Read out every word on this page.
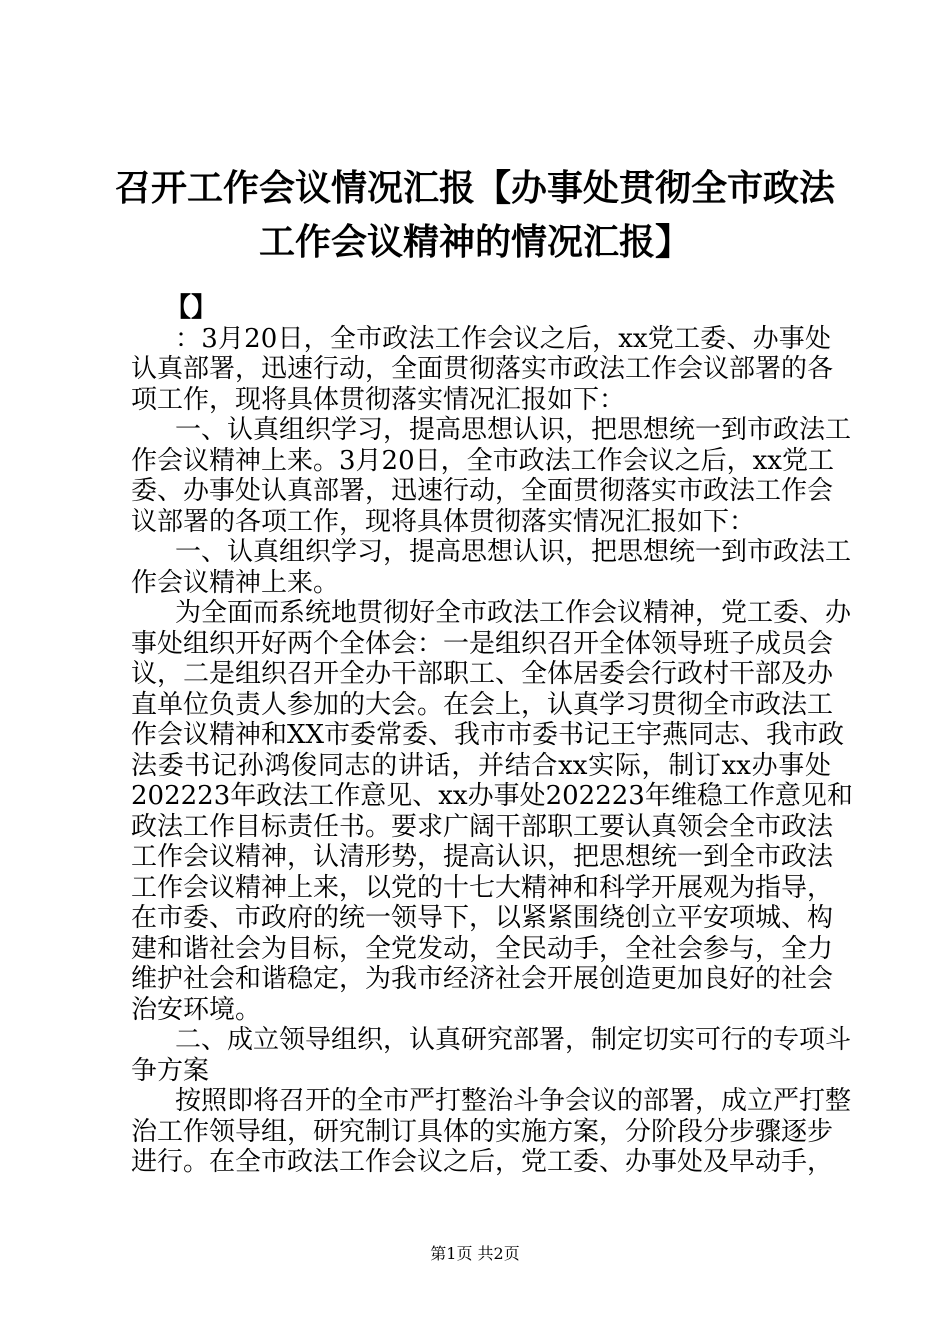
召开工作会议情况汇报【办事处贯彻全市政法
工作会议精神的情况汇报】
【】
：3月20日，全市政法工作会议之后，xx党工委、办事处
认真部署，迅速行动，全面贯彻落实市政法工作会议部署的各
项工作，现将具体贯彻落实情况汇报如下：
一、认真组织学习，提高思想认识，把思想统一到市政法工
作会议精神上来。3月20日，全市政法工作会议之后，xx党工
委、办事处认真部署，迅速行动，全面贯彻落实市政法工作会
议部署的各项工作，现将具体贯彻落实情况汇报如下：
一、认真组织学习，提高思想认识，把思想统一到市政法工
作会议精神上来。
为全面而系统地贯彻好全市政法工作会议精神，党工委、办
事处组织开好两个全体会：一是组织召开全体领导班子成员会
议，二是组织召开全办干部职工、全体居委会行政村干部及办
直单位负责人参加的大会。在会上，认真学习贯彻全市政法工
作会议精神和XX市委常委、我市市委书记王宇燕同志、我市政
法委书记孙鸿俊同志的讲话，并结合xx实际，制订xx办事处
202223年政法工作意见、xx办事处202223年维稳工作意见和
政法工作目标责任书。要求广阔干部职工要认真领会全市政法
工作会议精神，认清形势，提高认识，把思想统一到全市政法
工作会议精神上来，以党的十七大精神和科学开展观为指导，
在市委、市政府的统一领导下，以紧紧围绕创立平安项城、构
建和谐社会为目标，全党发动，全民动手，全社会参与，全力
维护社会和谐稳定，为我市经济社会开展创造更加良好的社会
治安环境。
二、成立领导组织，认真研究部署，制定切实可行的专项斗
争方案
按照即将召开的全市严打整治斗争会议的部署，成立严打整
治工作领导组，研究制订具体的实施方案，分阶段分步骤逐步
进行。在全市政法工作会议之后，党工委、办事处及早动手，
第1页 共2页
